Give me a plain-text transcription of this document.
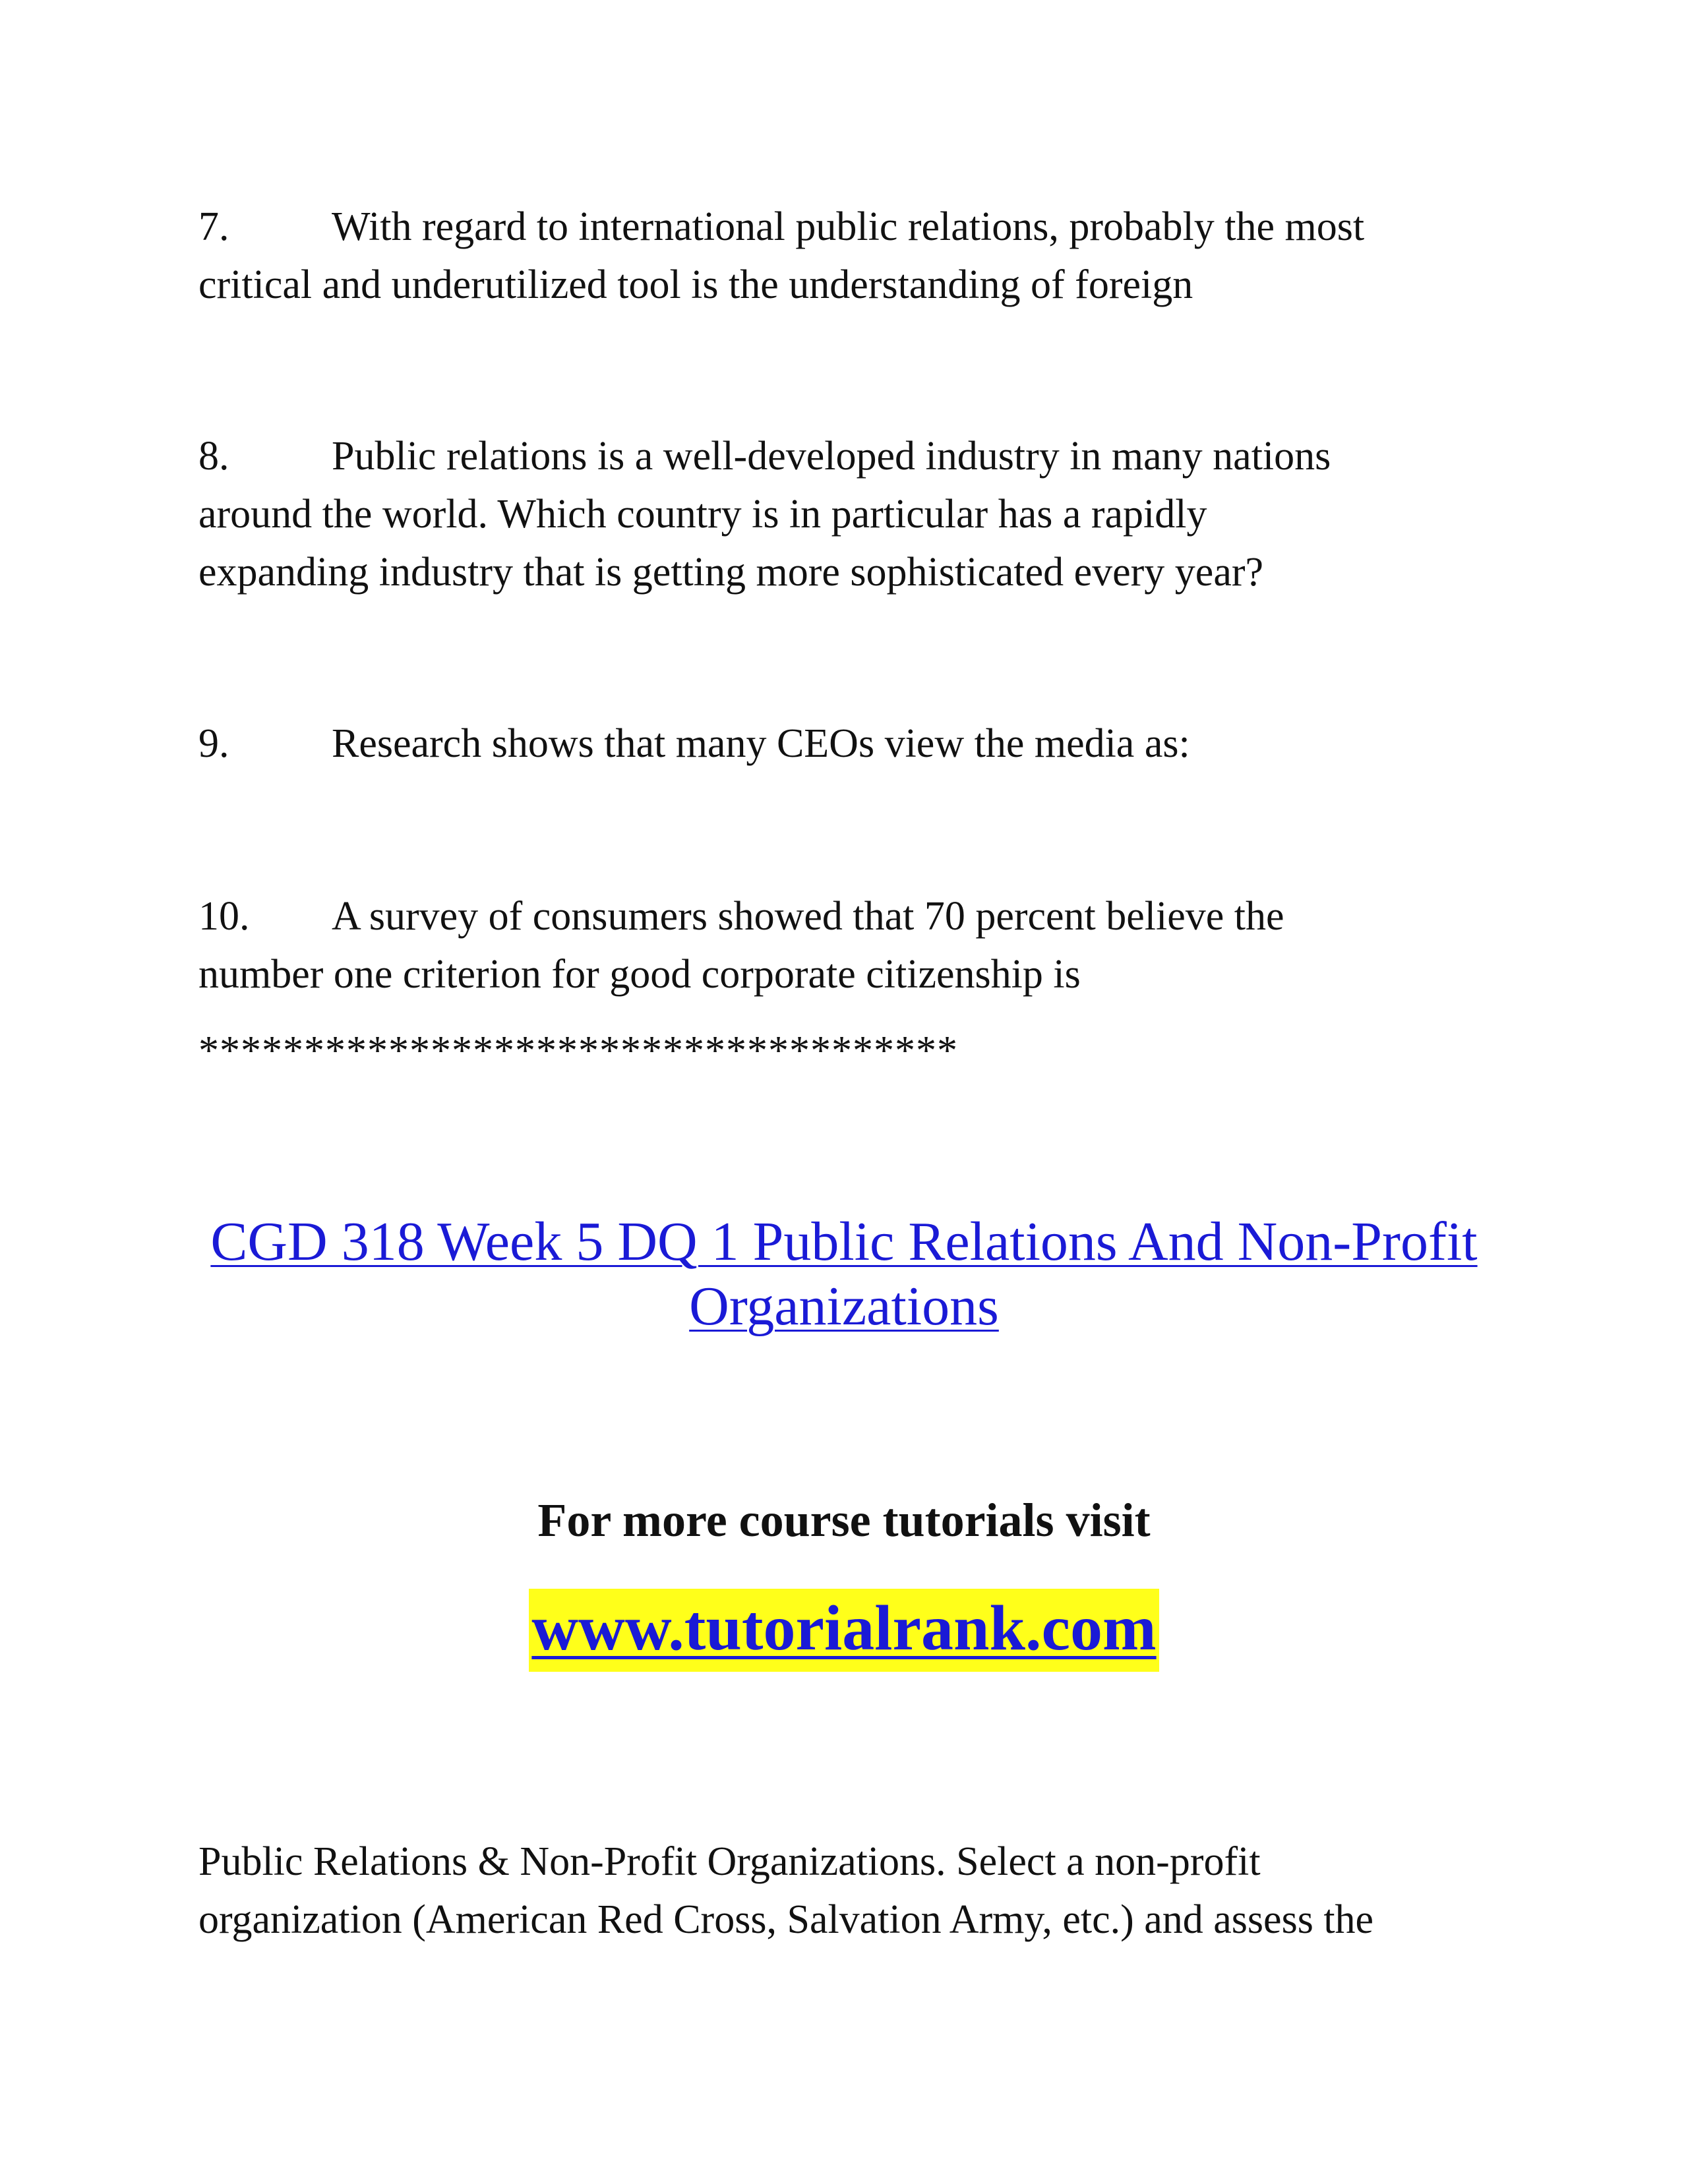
7.	With regard to international public relations, probably the most
critical and underutilized tool is the understanding of foreign
8.	Public relations is a well-developed industry in many nations
around the world. Which country is in particular has a rapidly
expanding industry that is getting more sophisticated every year?
9.	Research shows that many CEOs view the media as:
10. A survey of consumers showed that 70 percent believe the
number one criterion for good corporate citizenship is
************************************
CGD 318 Week 5 DQ 1 Public Relations And Non-Profit
Organizations
For more course tutorials visit
www.tutorialrank.com
Public Relations & Non-Profit Organizations. Select a non-profit
organization (American Red Cross, Salvation Army, etc.) and assess the
